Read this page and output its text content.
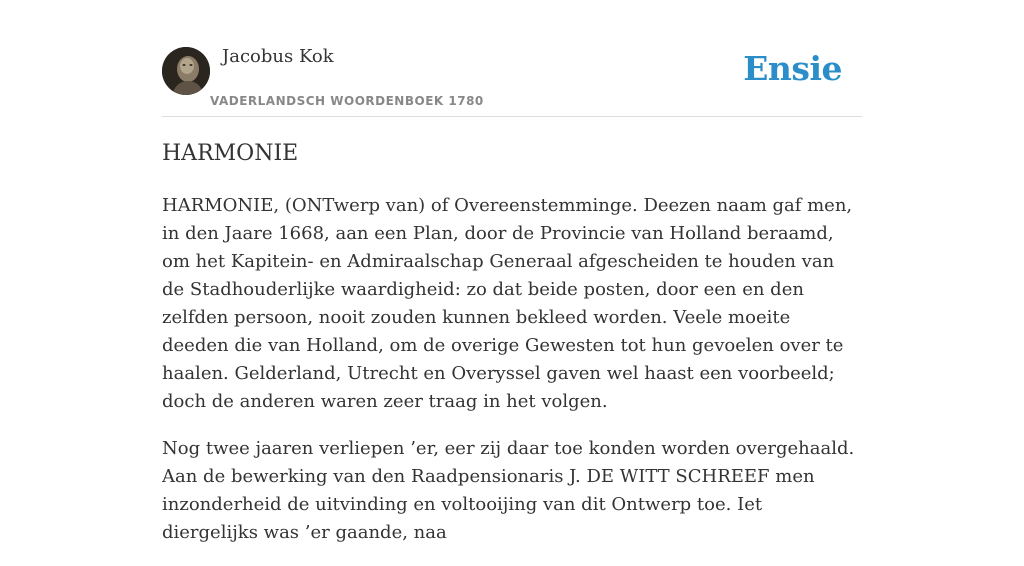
Jacobus Kok
VADERLANDSCH WOORDENBOEK 1780
Ensie
HARMONIE

HARMONIE, (ONTwerp van) of Overeenstemminge. Deezen naam gaf men, in den Jaare 1668, aan een Plan, door de Provincie van Holland beraamd, om het Kapitein- en Admiraalschap Generaal afgescheiden te houden van de Stadhouderlijke waardigheid: zo dat beide posten, door een en den zelfden persoon, nooit zouden kunnen bekleed worden. Veele moeite deeden die van Holland, om de overige Gewesten tot hun gevoelen over te haalen. Gelderland, Utrecht en Overyssel gaven wel haast een voorbeeld; doch de anderen waren zeer traag in het volgen.

Nog twee jaaren verliepen ’er, eer zij daar toe konden worden overgehaald. Aan de bewerking van den Raadpensionaris J. DE WITT SCHREEF men inzonderheid de uitvinding en voltooijing van dit Ontwerp toe. Iet diergelijks was ’er gaande, naa
